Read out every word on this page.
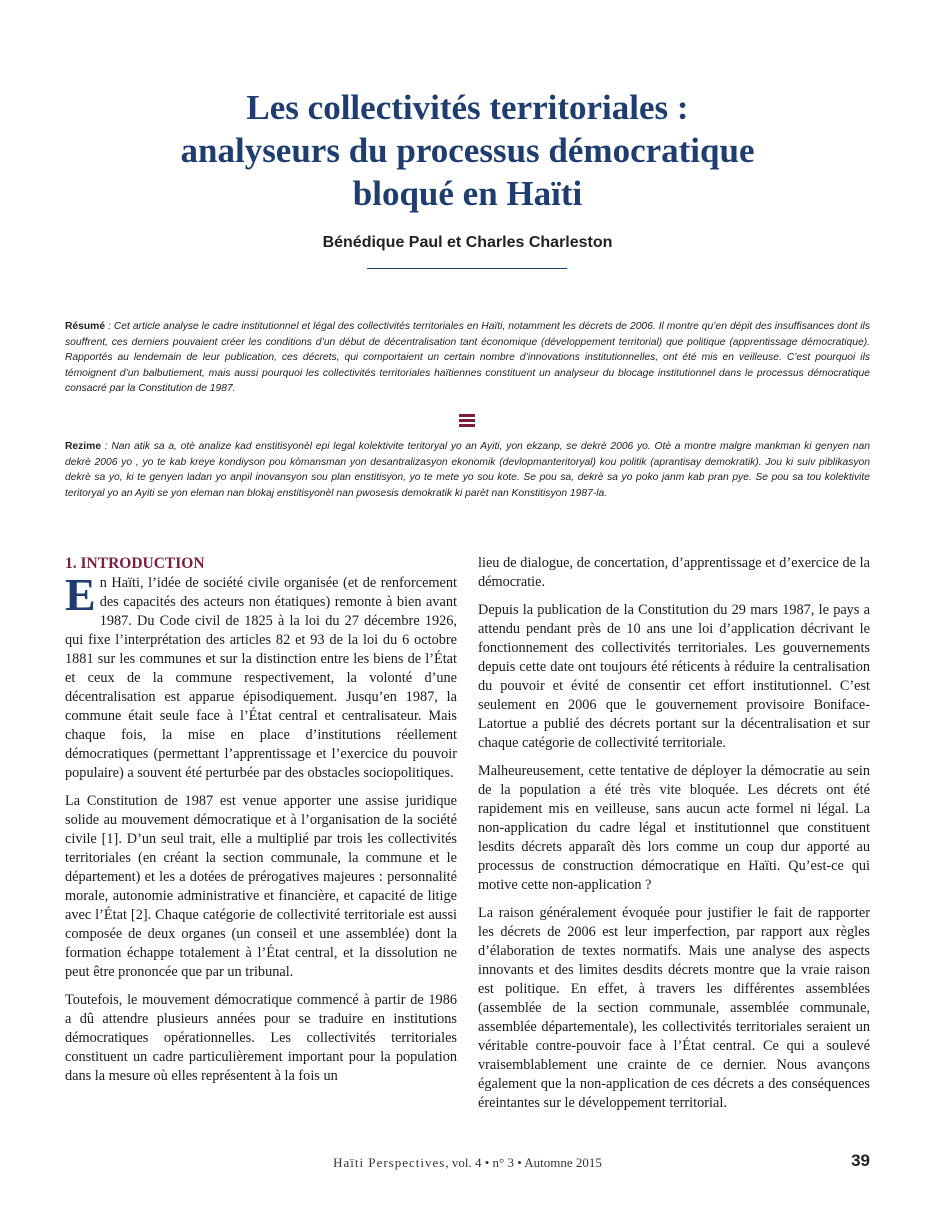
Les collectivités territoriales :
analyseurs du processus démocratique
bloqué en Haïti
Bénédique Paul et Charles Charleston

Résumé : Cet article analyse le cadre institutionnel et légal des collectivités territoriales en Haïti, notamment les décrets de 2006. Il montre qu’en dépit des insuffisances dont ils souffrent, ces derniers pouvaient créer les conditions d’un début de décentralisation tant économique (développement territorial) que politique (apprentissage démocratique). Rapportés au lendemain de leur publication, ces décrets, qui comportaient un certain nombre d’innovations institutionnelles, ont été mis en veilleuse. C’est pourquoi ils témoignent d’un balbutiement, mais aussi pourquoi les collectivités territoriales haïtiennes constituent un analyseur du blocage institutionnel dans le processus démocratique consacré par la Constitution de 1987.

Rezime : Nan atik sa a, otè analize kad enstitisyonèl epi legal kolektivite teritoryal yo an Ayiti, yon ekzanp, se dekrè 2006 yo. Otè a montre malgre mankman ki genyen nan dekrè 2006 yo , yo te kab kreye kondiyson pou kòmansman yon desantralizasyon ekonomik (devlopmanteritoryal) kou politik (aprantisay demokratik). Jou ki suiv piblikasyon dekrè sa yo, ki te genyen ladan yo anpil inovansyon sou plan enstitisyon, yo te mete yo sou kote. Se pou sa, dekrè sa yo poko janm kab pran pye. Se pou sa tou kolektivite teritoryal yo an Ayiti se yon eleman nan blokaj enstitisyonèl nan pwosesis demokratik ki parèt nan Konstitisyon 1987-la.

1. INTRODUCTION

En Haïti, l’idée de société civile organisée (et de renforcement des capacités des acteurs non étatiques) remonte à bien avant 1987. Du Code civil de 1825 à la loi du 27 décembre 1926, qui fixe l’interprétation des articles 82 et 93 de la loi du 6 octobre 1881 sur les communes et sur la distinction entre les biens de l’État et ceux de la commune respectivement, la volonté d’une décentralisation est apparue épisodiquement. Jusqu’en 1987, la commune était seule face à l’État central et centralisateur. Mais chaque fois, la mise en place d’institutions réellement démocratiques (permettant l’apprentissage et l’exercice du pouvoir populaire) a souvent été perturbée par des obstacles sociopolitiques.

La Constitution de 1987 est venue apporter une assise juridique solide au mouvement démocratique et à l’organisation de la société civile [1]. D’un seul trait, elle a multiplié par trois les collectivités territoriales (en créant la section communale, la commune et le département) et les a dotées de prérogatives majeures : personnalité morale, autonomie administrative et financière, et capacité de litige avec l’État [2]. Chaque catégorie de collectivité territoriale est aussi composée de deux organes (un conseil et une assemblée) dont la formation échappe totalement à l’État central, et la dissolution ne peut être prononcée que par un tribunal.

Toutefois, le mouvement démocratique commencé à partir de 1986 a dû attendre plusieurs années pour se traduire en institutions démocratiques opérationnelles. Les collectivités territoriales constituent un cadre particulièrement important pour la population dans la mesure où elles représentent à la fois un

lieu de dialogue, de concertation, d’apprentissage et d’exercice de la démocratie.

Depuis la publication de la Constitution du 29 mars 1987, le pays a attendu pendant près de 10 ans une loi d’application décrivant le fonctionnement des collectivités territoriales. Les gouvernements depuis cette date ont toujours été réticents à réduire la centralisation du pouvoir et évité de consentir cet effort institutionnel. C’est seulement en 2006 que le gouvernement provisoire Boniface-Latortue a publié des décrets portant sur la décentralisation et sur chaque catégorie de collectivité territoriale.

Malheureusement, cette tentative de déployer la démocratie au sein de la population a été très vite bloquée. Les décrets ont été rapidement mis en veilleuse, sans aucun acte formel ni légal. La non-application du cadre légal et institutionnel que constituent lesdits décrets apparaît dès lors comme un coup dur apporté au processus de construction démocratique en Haïti. Qu’est-ce qui motive cette non-application ?

La raison généralement évoquée pour justifier le fait de rapporter les décrets de 2006 est leur imperfection, par rapport aux règles d’élaboration de textes normatifs. Mais une analyse des aspects innovants et des limites desdits décrets montre que la vraie raison est politique. En effet, à travers les différentes assemblées (assemblée de la section communale, assemblée communale, assemblée départementale), les collectivités territoriales seraient un véritable contre-pouvoir face à l’État central. Ce qui a soulevé vraisemblablement une crainte de ce dernier. Nous avançons également que la non-application de ces décrets a des conséquences éreintantes sur le développement territorial.

Haïti Perspectives, vol. 4 • n° 3 • Automne 2015	39
